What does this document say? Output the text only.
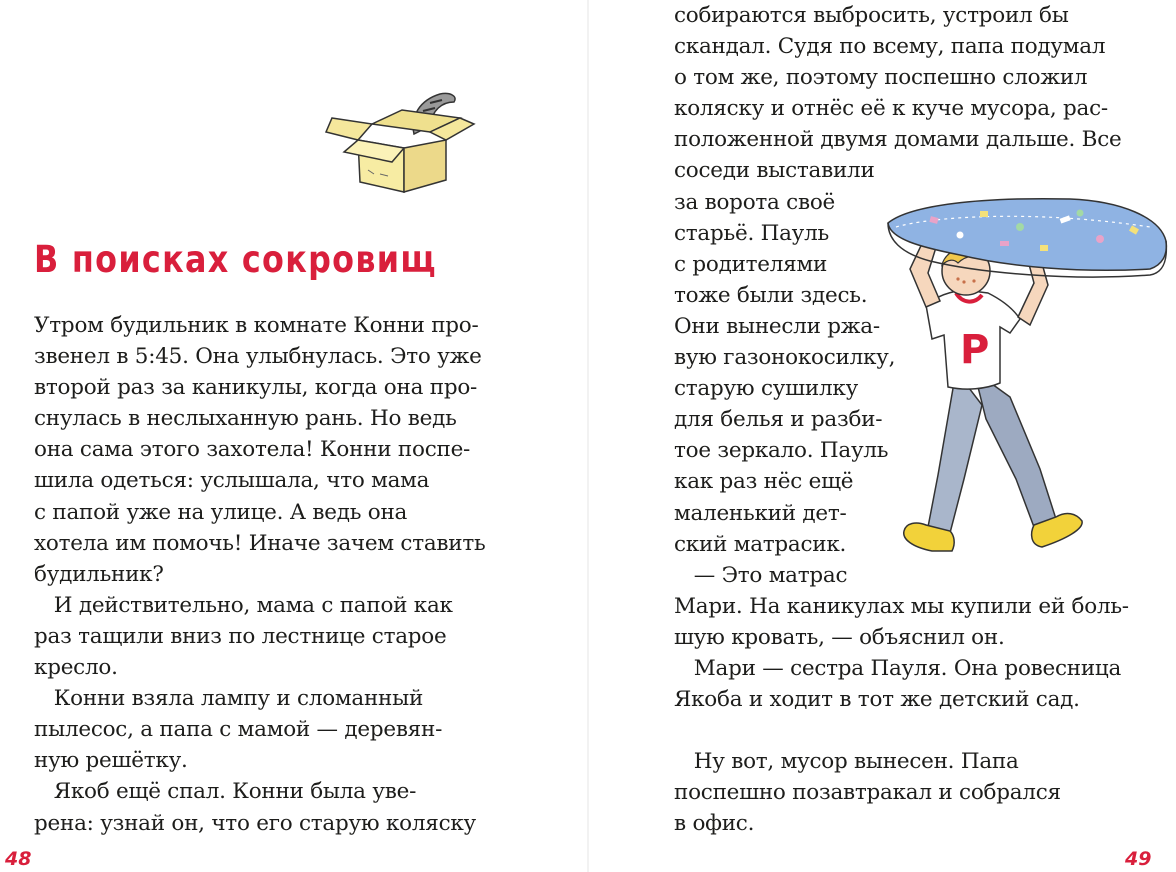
В поисках сокровищ
Утром будильник в комнате Конни про-
звенел в 5:45. Она улыбнулась. Это уже
второй раз за каникулы, когда она про-
снулась в неслыханную рань. Но ведь
она сама этого захотела! Конни поспе-
шила одеться: услышала, что мама
с папой уже на улице. А ведь она
хотела им помочь! Иначе зачем ставить
будильник?
И действительно, мама с папой как
раз тащили вниз по лестнице старое
кресло.
Конни взяла лампу и сломанный
пылесос, а папа с мамой — деревян-
ную решётку.
Якоб ещё спал. Конни была уве-
рена: узнай он, что его старую коляску
48
собираются выбросить, устроил бы
скандал. Судя по всему, папа подумал
о том же, поэтому поспешно сложил
коляску и отнёс её к куче мусора, рас-
положенной двумя домами дальше. Все
соседи выставили
за ворота своё
старьё. Пауль
с родителями
тоже были здесь.
Они вынесли ржа-
вую газонокосилку,
старую сушилку
для белья и разби-
тое зеркало. Пауль
как раз нёс ещё
маленький дет-
ский матрасик.
— Это матрас
Мари. На каникулах мы купили ей боль-
шую кровать, — объяснил он.
Мари — сестра Пауля. Она ровесница
Якоба и ходит в тот же детский сад.
Ну вот, мусор вынесен. Папа
поспешно позавтракал и собрался
в офис.
P
49
